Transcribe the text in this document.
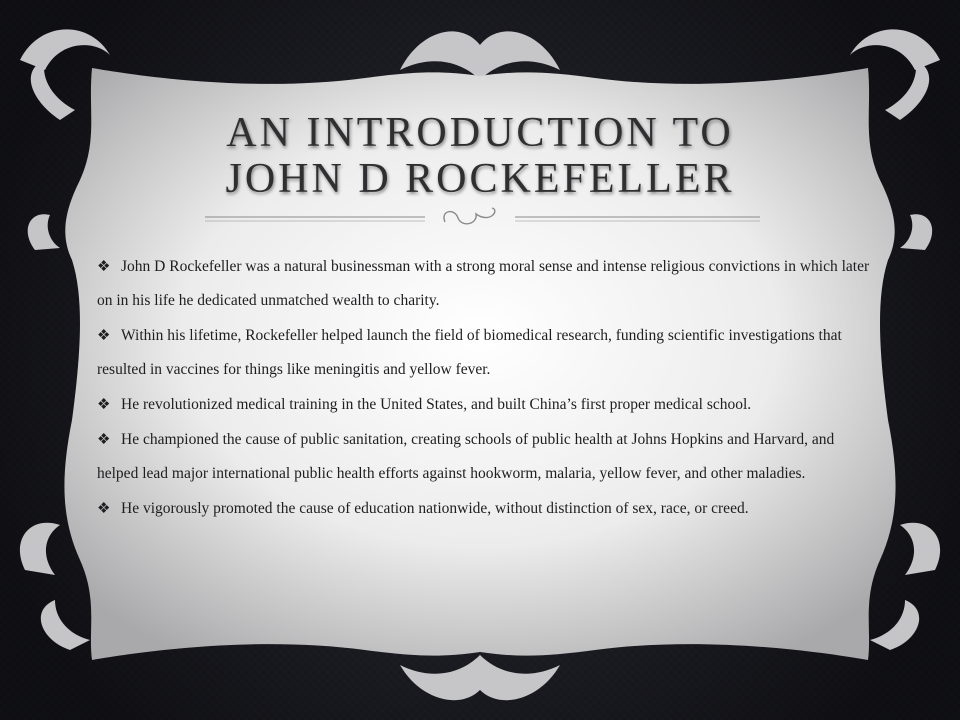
AN INTRODUCTION TO
JOHN D ROCKEFELLER
❖ John D Rockefeller was a natural businessman with a strong moral sense and intense religious convictions in which later on in his life he dedicated unmatched wealth to charity.
❖ Within his lifetime, Rockefeller helped launch the field of biomedical research, funding scientific investigations that resulted in vaccines for things like meningitis and yellow fever.
❖ He revolutionized medical training in the United States, and built China’s first proper medical school.
❖ He championed the cause of public sanitation, creating schools of public health at Johns Hopkins and Harvard, and helped lead major international public health efforts against hookworm, malaria, yellow fever, and other maladies.
❖ He vigorously promoted the cause of education nationwide, without distinction of sex, race, or creed.
